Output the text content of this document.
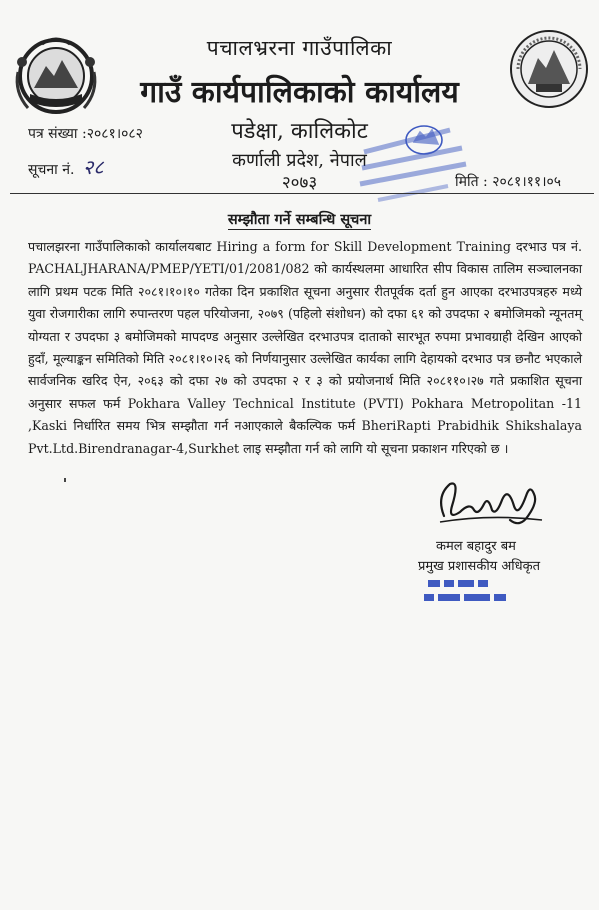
पचालभ्ररना गाउँपालिका
गाउँ कार्यपालिकाको कार्यालय
पडेक्षा, कालिकोट
कर्णाली प्रदेश, नेपाल
२०७३
पत्र संख्या :२०८१।०८२
सूचना नं. २८
मिति : २०८१।११।०५
सम्झौता गर्ने सम्बन्धि सूचना
पचालझरना गाउँपालिकाको कार्यालयबाट Hiring a form for Skill Development Training दरभाउ पत्र नं. PACHALJHARANA/PMEP/YETI/01/2081/082 को कार्यस्थलमा आधारित सीप विकास तालिम सञ्चालनका लागि प्रथम पटक मिति २०८१।१०।१० गतेका दिन प्रकाशित सूचना अनुसार रीतपूर्वक दर्ता हुन आएका दरभाउपत्रहरु मध्ये युवा रोजगारीका लागि रुपान्तरण पहल परियोजना, २०७९ (पहिलो संशोधन) को दफा ६१ को उपदफा २ बमोजिमको न्यूनतम् योग्यता र उपदफा ३ बमोजिमको मापदण्ड अनुसार उल्लेखित दरभाउपत्र दाताको सारभूत रुपमा प्रभावग्राही देखिन आएको हुदाँ, मूल्याङ्कन समितिको मिति २०८१।१०।२६ को निर्णयानुसार उल्लेखित कार्यका लागि देहायको दरभाउ पत्र छनौट भएकाले सार्वजनिक खरिद ऐन, २०६३ को दफा २७ को उपदफा २ र ३ को प्रयोजनार्थ मिति २०८११०।२७ गते प्रकाशित सूचना अनुसार सफल फर्म Pokhara Valley Technical Institute (PVTI) Pokhara Metropolitan -11 ,Kaski निर्धारित समय भित्र सम्झौता गर्न नआएकाले बैकल्पिक फर्म BheriRapti Prabidhik Shikshalaya Pvt.Ltd.Birendranagar-4,Surkhet लाइ सम्झौता गर्न को लागि यो सूचना प्रकाशन गरिएको छ ।
कमल बहादुर बम
प्रमुख प्रशासकीय अधिकृत
